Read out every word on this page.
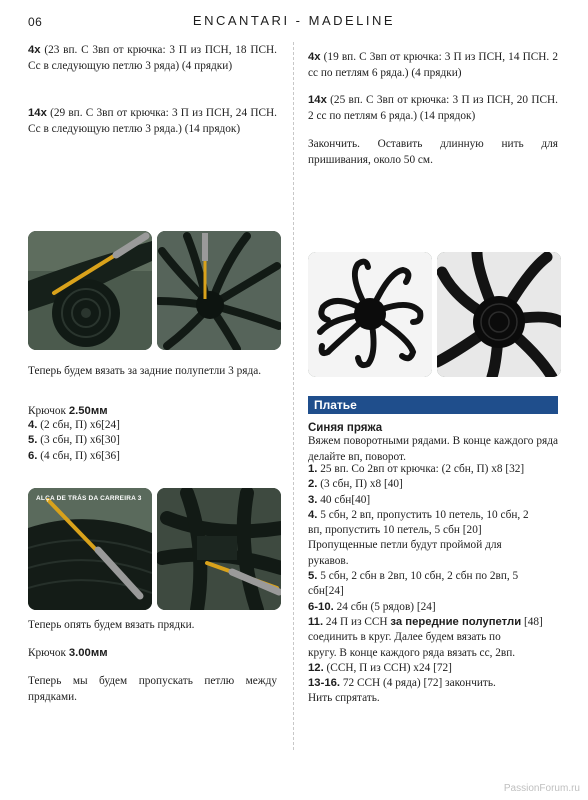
06	ENCANTARI - MADELINE

4х (23 вп. С 3вп от крючка: 3 П из ПСН, 18 ПСН. Сс в следующую петлю 3 ряда) (4 прядки)

14х (29 вп. С 3вп от крючка: 3 П из ПСН, 24 ПСН. Сс в следующую петлю 3 ряда.) (14 прядок)

Теперь будем вязать за задние полупетли 3 ряда.

Крючок 2.50мм

4. (2 сбн, П) x6[24]
5. (3 сбн, П) x6[30]
6. (4 сбн, П) x6[36]
ALÇA DE TRÁS DA CARREIRA 3

Теперь опять будем вязать прядки.

Крючок 3.00мм

Теперь мы будем пропускать петлю между прядками.

4х (19 вп. С 3вп от крючка: 3 П из ПСН, 14 ПСН. 2 сс по петлям 6 ряда.) (4 прядки)

14х (25 вп. С 3вп от крючка: 3 П из ПСН, 20 ПСН. 2 сс по петлям 6 ряда.) (14 прядок)

Закончить. Оставить длинную нить для пришивания, около 50 см.

Платье
Синяя пряжа

Вяжем поворотными рядами. В конце каждого ряда делайте вп, поворот.

1. 25 вп. Со 2вп от крючка: (2 сбн, П) x8 [32]
2. (3 сбн, П) x8 [40]
3. 40 сбн[40]
4. 5 сбн, 2 вп, пропустить 10 петель, 10 сбн, 2
вп, пропустить 10 петель, 5 сбн [20]
Пропущенные петли будут проймой для
рукавов.
5. 5 сбн, 2 сбн в 2вп, 10 сбн, 2 сбн по 2вп, 5
сбн[24]
6-10. 24 сбн (5 рядов) [24]
11. 24 П из ССН за передние полупетли [48]
соединить в круг. Далее будем вязать по
кругу. В конце каждого ряда вязать сс, 2вп.
12. (ССН, П из ССН) x24 [72]
13-16. 72 ССН (4 ряда) [72] закончить.
Нить спрятать.
PassionForum.ru
